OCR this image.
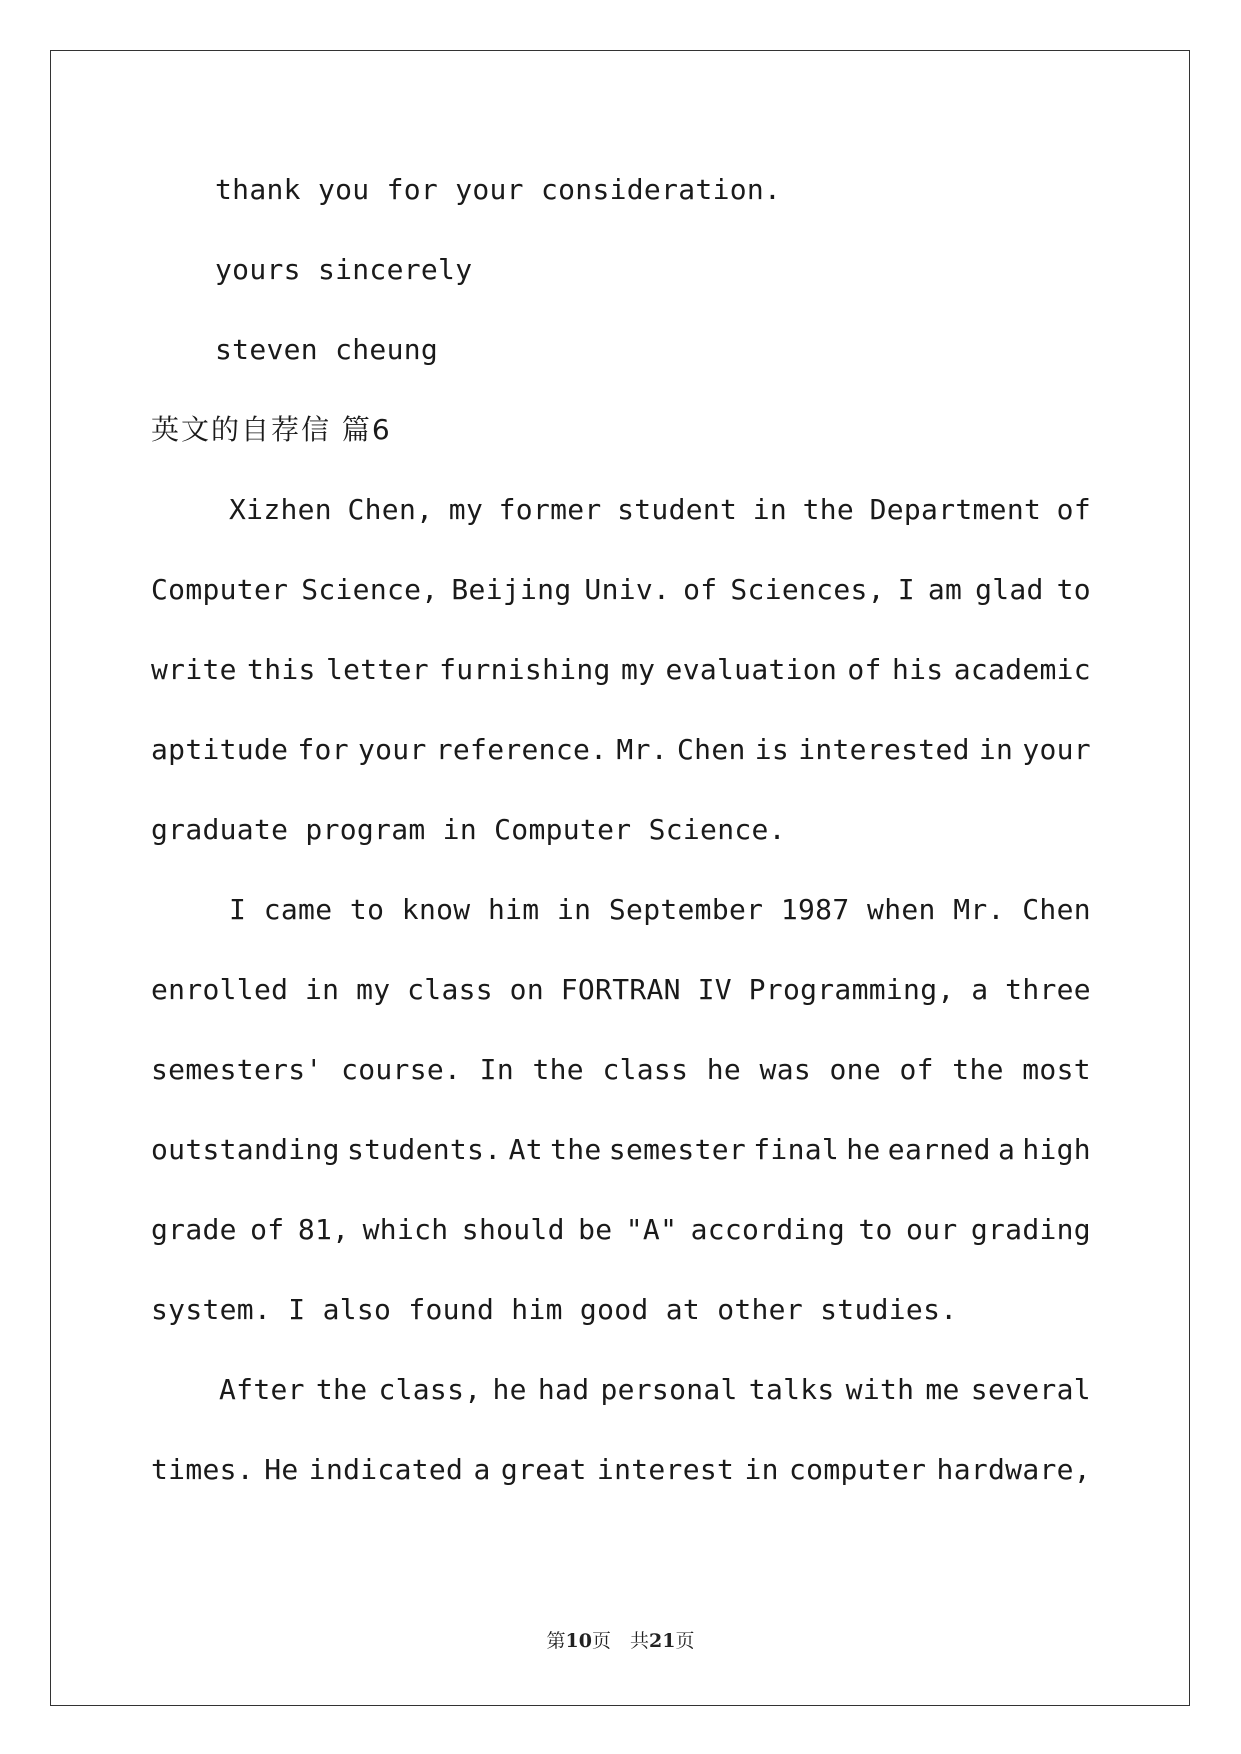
thank you for your consideration.
yours sincerely
steven cheung
英文的自荐信 篇6
Xizhen Chen, my former student in the Department of
Computer Science, Beijing Univ. of Sciences, I am glad to
write this letter furnishing my evaluation of his academic
aptitude for your reference. Mr. Chen is interested in your
graduate program in Computer Science.
I came to know him in September 1987 when Mr. Chen
enrolled in my class on FORTRAN IV Programming, a three
semesters' course. In the class he was one of the most
outstanding students. At the semester final he earned a high
grade of 81, which should be "A" according to our grading
system. I also found him good at other studies.
After the class, he had personal talks with me several
times. He indicated a great interest in computer hardware,
第10页　共21页
